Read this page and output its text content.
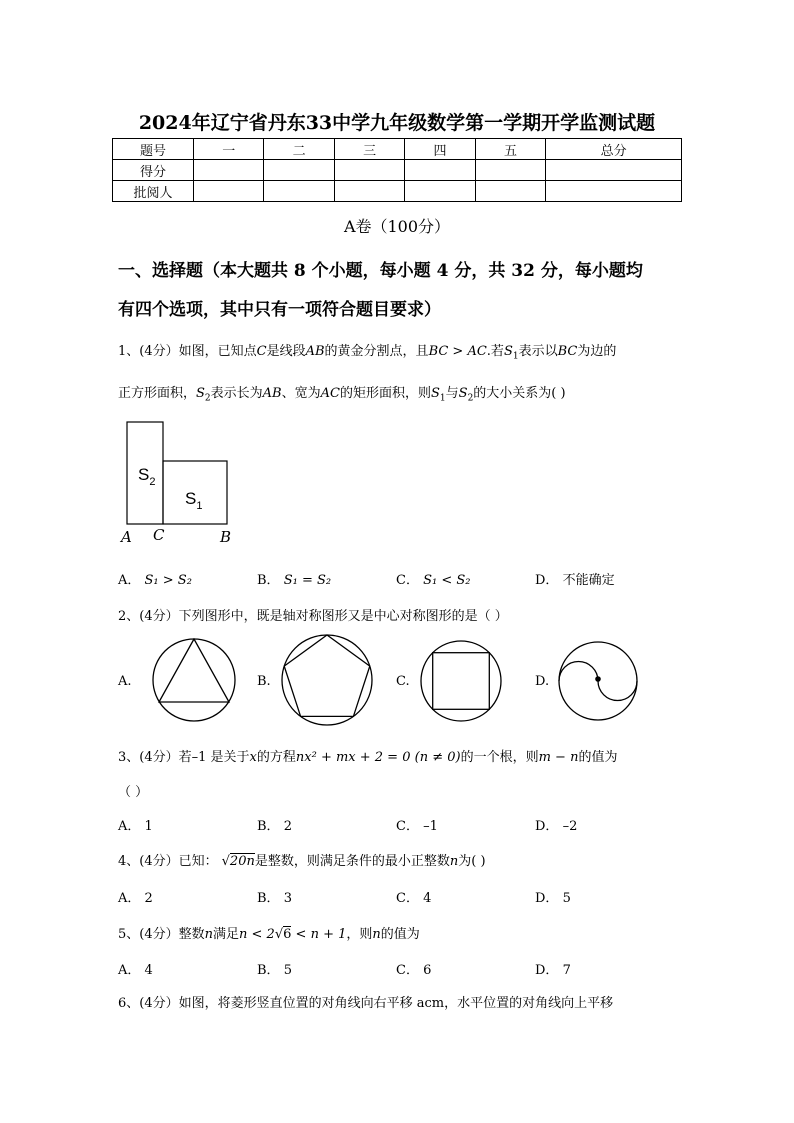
2024年辽宁省丹东33中学九年级数学第一学期开学监测试题
题号	一	二	三	四	五	总分
得分						
批阅人						
A卷（100分）
一、选择题（本大题共 8 个小题，每小题 4 分，共 32 分，每小题均
有四个选项，其中只有一项符合题目要求）
1、(4分）如图，已知点C是线段AB的黄金分割点，且BC > AC.若$S_1$表示以BC为边的
正方形面积，$S_2$表示长为AB、宽为AC的矩形面积，则$S_1$与$S_2$的大小关系为( )
$S_2$
$S_1$
A C	B
A． S₁ > S₂	B． S₁ = S₂	C． S₁ < S₂	D． 不能确定
2、(4分）下列图形中，既是轴对称图形又是中心对称图形的是（ ）
A.	B.	C.	D.
3、(4分）若–1 是关于x的方程nx² + mx + 2 = 0 (n ≠ 0)的一个根，则m − n的值为
（ ）
A． 1	B． 2	C． –1	D． –2
4、(4分）已知： √20n是整数，则满足条件的最小正整数n为( )
A． 2	B． 3	C． 4	D． 5
5、(4分）整数n满足n < 2√6 < n + 1，则n的值为
A． 4	B． 5	C． 6	D． 7
6、(4分）如图，将菱形竖直位置的对角线向右平移 acm，水平位置的对角线向上平移
